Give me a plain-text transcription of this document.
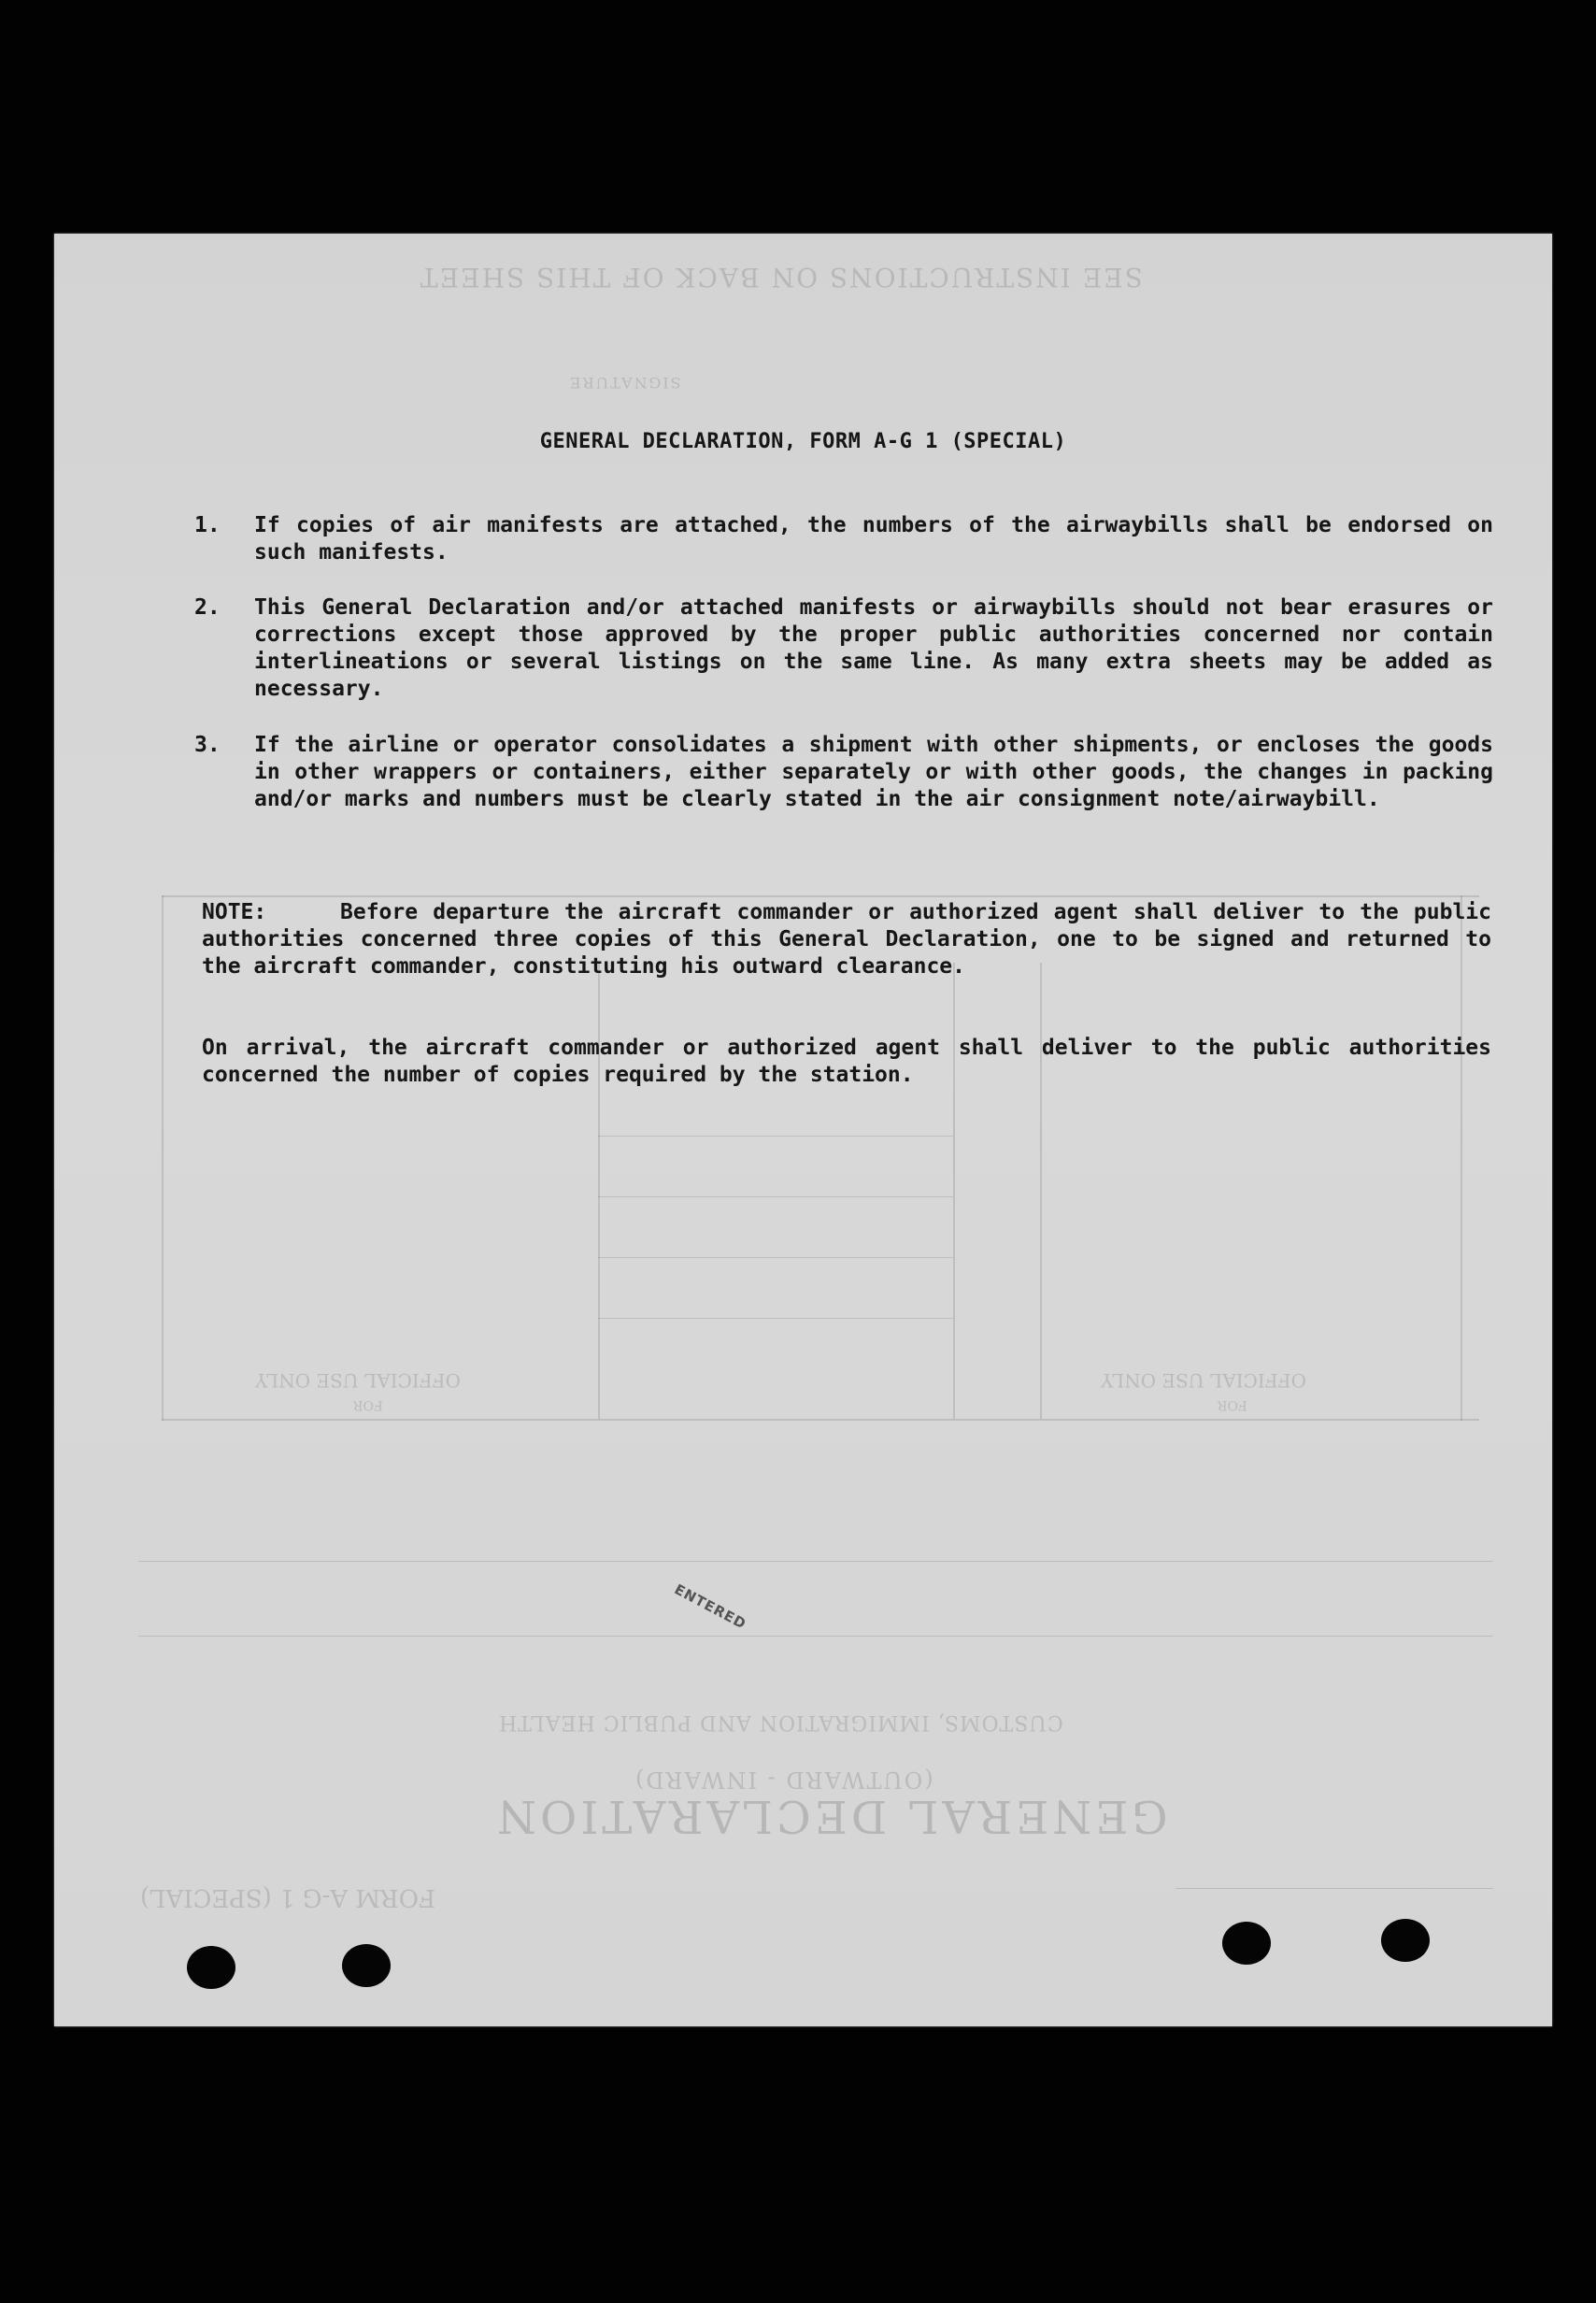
SEE INSTRUCTIONS ON BACK OF THIS SHEET
SIGNATURE
GENERAL DECLARATION
(OUTWARD - INWARD)
CUSTOMS, IMMIGRATION AND PUBLIC HEALTH
FORM A-G 1 (SPECIAL)
OFFICIAL USE ONLY	OFFICIAL USE ONLY
FOR	FOR
GENERAL DECLARATION, FORM A-G 1 (SPECIAL)
1. If copies of air manifests are attached, the numbers of the airwaybills shall be endorsed on such manifests.
2. This General Declaration and/or attached manifests or airwaybills should not bear erasures or corrections except those approved by the proper public authorities concerned nor contain interlineations or several listings on the same line. As many extra sheets may be added as necessary.
3. If the airline or operator consolidates a shipment with other shipments, or encloses the goods in other wrappers or containers, either separately or with other goods, the changes in packing and/or marks and numbers must be clearly stated in the air consignment note/airwaybill.
NOTE:	Before departure the aircraft commander or authorized agent shall deliver to the public authorities concerned three copies of this General Declaration, one to be signed and returned to the aircraft commander, constituting his outward clearance.
On arrival, the aircraft commander or authorized agent shall deliver to the public authorities concerned the number of copies required by the station.
ENTERED
